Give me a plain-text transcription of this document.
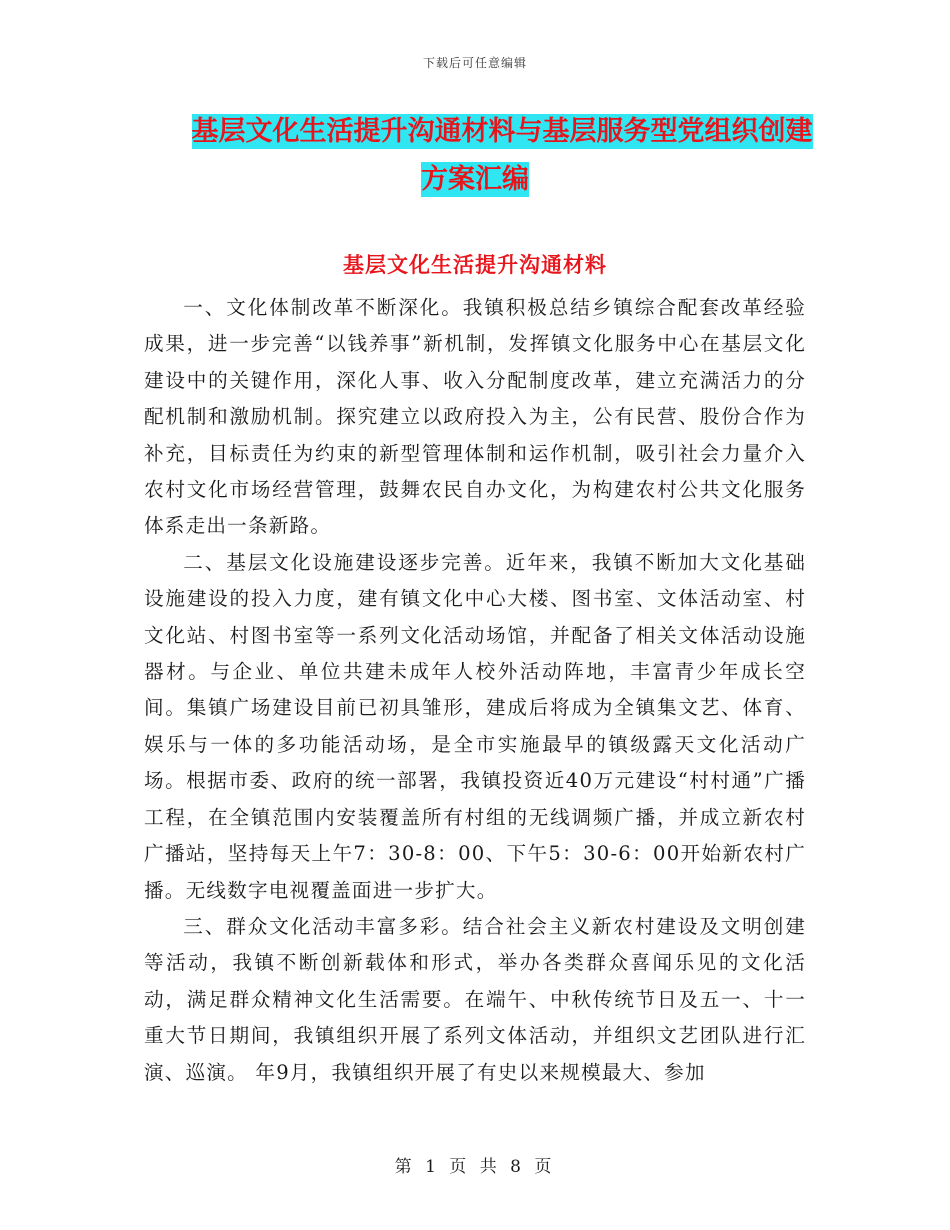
下载后可任意编辑
基层文化生活提升沟通材料与基层服务型党组织创建
方案汇编
基层文化生活提升沟通材料

一、文化体制改革不断深化。我镇积极总结乡镇综合配套改革经验成果，进一步完善“以钱养事”新机制，发挥镇文化服务中心在基层文化建设中的关键作用，深化人事、收入分配制度改革，建立充满活力的分配机制和激励机制。探究建立以政府投入为主，公有民营、股份合作为补充，目标责任为约束的新型管理体制和运作机制，吸引社会力量介入农村文化市场经营管理，鼓舞农民自办文化，为构建农村公共文化服务体系走出一条新路。

二、基层文化设施建设逐步完善。近年来，我镇不断加大文化基础设施建设的投入力度，建有镇文化中心大楼、图书室、文体活动室、村文化站、村图书室等一系列文化活动场馆，并配备了相关文体活动设施器材。与企业、单位共建未成年人校外活动阵地，丰富青少年成长空间。集镇广场建设目前已初具雏形，建成后将成为全镇集文艺、体育、娱乐与一体的多功能活动场，是全市实施最早的镇级露天文化活动广场。根据市委、政府的统一部署，我镇投资近40万元建设“村村通”广播工程，在全镇范围内安装覆盖所有村组的无线调频广播，并成立新农村广播站，坚持每天上午7：30-8：00、下午5：30-6：00开始新农村广播。无线数字电视覆盖面进一步扩大。

三、群众文化活动丰富多彩。结合社会主义新农村建设及文明创建等活动，我镇不断创新载体和形式，举办各类群众喜闻乐见的文化活动，满足群众精神文化生活需要。在端午、中秋传统节日及五一、十一重大节日期间，我镇组织开展了系列文体活动，并组织文艺团队进行汇演、巡演。 年9月，我镇组织开展了有史以来规模最大、参加

第 1 页 共 8 页
